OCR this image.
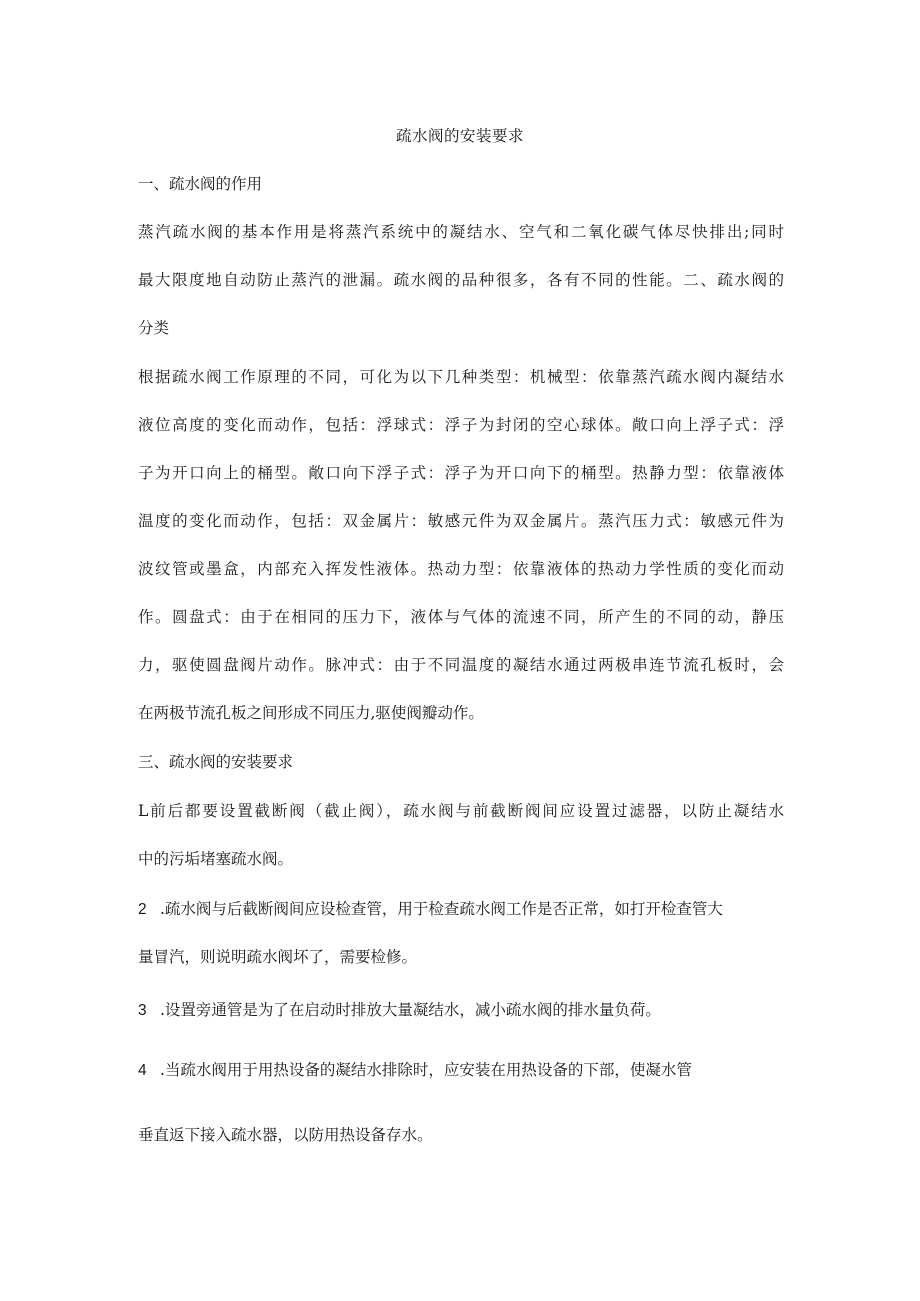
疏水阀的安装要求
一、疏水阀的作用
蒸汽疏水阀的基本作用是将蒸汽系统中的凝结水、空气和二氧化碳气体尽快排出;同时
最大限度地自动防止蒸汽的泄漏。疏水阀的品种很多，各有不同的性能。二、疏水阀的
分类
根据疏水阀工作原理的不同，可化为以下几种类型：机械型：依靠蒸汽疏水阀内凝结水
液位高度的变化而动作，包括：浮球式：浮子为封闭的空心球体。敞口向上浮子式：浮
子为开口向上的桶型。敞口向下浮子式：浮子为开口向下的桶型。热静力型：依靠液体
温度的变化而动作，包括：双金属片：敏感元件为双金属片。蒸汽压力式：敏感元件为
波纹管或墨盒，内部充入挥发性液体。热动力型：依靠液体的热动力学性质的变化而动
作。圆盘式：由于在相同的压力下，液体与气体的流速不同，所产生的不同的动，静压
力，驱使圆盘阀片动作。脉冲式：由于不同温度的凝结水通过两极串连节流孔板时，会
在两极节流孔板之间形成不同压力,驱使阀瓣动作。
三、疏水阀的安装要求
L前后都要设置截断阀（截止阀），疏水阀与前截断阀间应设置过滤器，以防止凝结水
中的污垢堵塞疏水阀。
2 .疏水阀与后截断阀间应设检查管，用于检查疏水阀工作是否正常，如打开检查管大
量冒汽，则说明疏水阀坏了，需要检修。
3 .设置旁通管是为了在启动时排放大量凝结水，减小疏水阀的排水量负荷。
4 .当疏水阀用于用热设备的凝结水排除时，应安装在用热设备的下部，使凝水管
垂直返下接入疏水器，以防用热设备存水。
